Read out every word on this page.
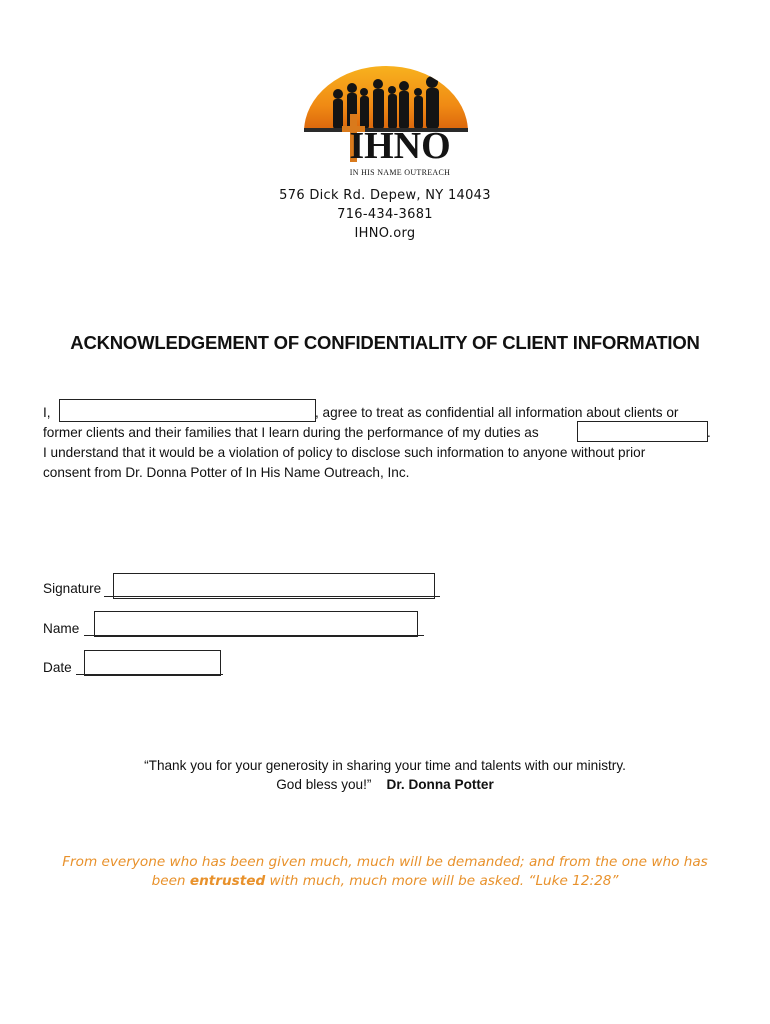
IHNO
IN HIS NAME OUTREACH
576 Dick Rd. Depew, NY 14043
716-434-3681
IHNO.org
ACKNOWLEDGEMENT OF CONFIDENTIALITY OF CLIENT INFORMATION
I,	, agree to treat as confidential all information about clients or
former clients and their families that I learn during the performance of my duties as	.
I understand that it would be a violation of policy to disclose such information to anyone without prior
consent from Dr. Donna Potter of In His Name Outreach, Inc.
Signature
Name
Date
“Thank you for your generosity in sharing your time and talents with our ministry.
God bless you!” Dr. Donna Potter
From everyone who has been given much, much will be demanded; and from the one who has
been entrusted with much, much more will be asked. “Luke 12:28”
